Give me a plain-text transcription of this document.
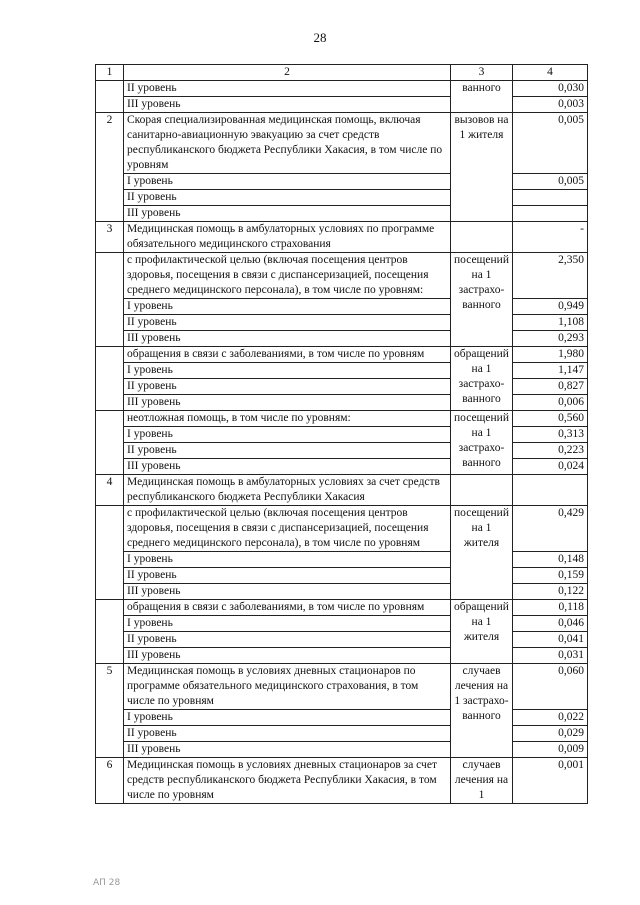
28
1	2	3	4
	II уровень	ванного	0,030
	III уровень		0,003
2	Скорая специализированная медицинская помощь, включая санитарно-авиационную эвакуацию за счет средств республиканского бюджета Республики Хакасия, в том числе по уровням	вызовов на 1 жителя	0,005
	I уровень		0,005
	II уровень		
	III уровень		
3	Медицинская помощь в амбулаторных условиях по программе обязательного медицинского страхования		-
	с профилактической целью (включая посещения центров здоровья, посещения в связи с диспансеризацией, посещения среднего медицинского персонала), в том числе по уровням:	посещений на 1 застрахо-ванного	2,350
	I уровень		0,949
	II уровень		1,108
	III уровень		0,293
	обращения в связи с заболеваниями, в том числе по уровням	обращений на 1 застрахо-ванного	1,980
	I уровень		1,147
	II уровень		0,827
	III уровень		0,006
	неотложная помощь, в том числе по уровням:	посещений на 1 застрахо-ванного	0,560
	I уровень		0,313
	II уровень		0,223
	III уровень		0,024
4	Медицинская помощь в амбулаторных условиях за счет средств республиканского бюджета Республики Хакасия		
	с профилактической целью (включая посещения центров здоровья, посещения в связи с диспансеризацией, посещения среднего медицинского персонала), в том числе по уровням	посещений на 1 жителя	0,429
	I уровень		0,148
	II уровень		0,159
	III уровень		0,122
	обращения в связи с заболеваниями, в том числе по уровням	обращений на 1 жителя	0,118
	I уровень		0,046
	II уровень		0,041
	III уровень		0,031
5	Медицинская помощь в условиях дневных стационаров по программе обязательного медицинского страхования, в том числе по уровням	случаев лечения на 1 застрахо-ванного	0,060
	I уровень		0,022
	II уровень		0,029
	III уровень		0,009
6	Медицинская помощь в условиях дневных стационаров за счет средств республиканского бюджета Республики Хакасия, в том числе по уровням	случаев лечения на 1	0,001
АП 28
